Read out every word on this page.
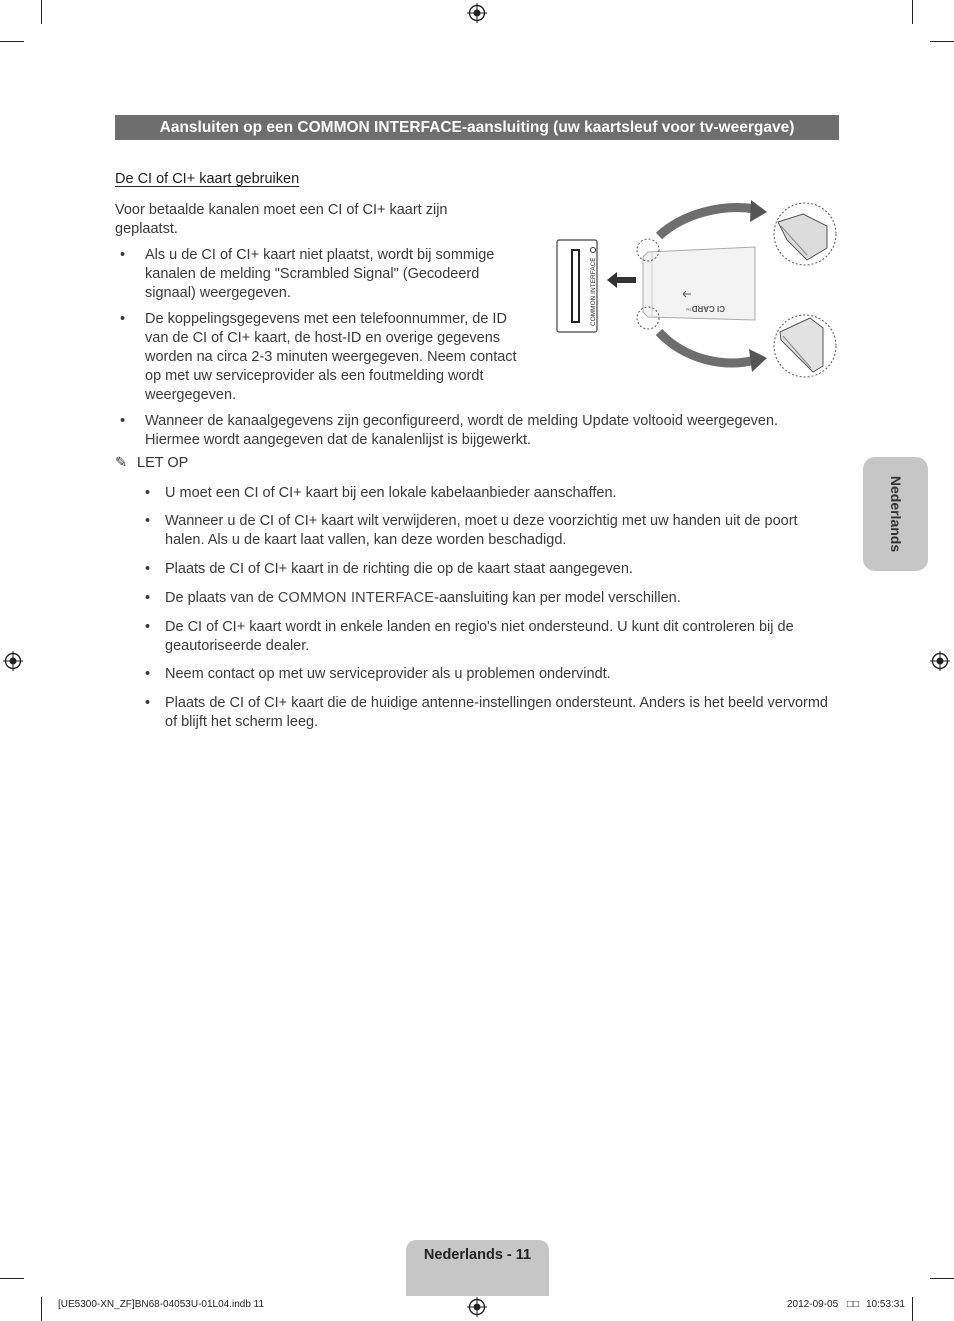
Aansluiten op een COMMON INTERFACE-aansluiting (uw kaartsleuf voor tv-weergave)
De CI of CI+ kaart gebruiken
Voor betaalde kanalen moet een CI of CI+ kaart zijn geplaatst.
• Als u de CI of CI+ kaart niet plaatst, wordt bij sommige kanalen de melding "Scrambled Signal" (Gecodeerd signaal) weergegeven.
• De koppelingsgegevens met een telefoonnummer, de ID van de CI of CI+ kaart, de host-ID en overige gegevens worden na circa 2-3 minuten weergegeven. Neem contact op met uw serviceprovider als een foutmelding wordt weergegeven.
• Wanneer de kanaalgegevens zijn geconfigureerd, wordt de melding Update voltooid weergegeven. Hiermee wordt aangegeven dat de kanalenlijst is bijgewerkt.
✎ LET OP
• U moet een CI of CI+ kaart bij een lokale kabelaanbieder aanschaffen.
• Wanneer u de CI of CI+ kaart wilt verwijderen, moet u deze voorzichtig met uw handen uit de poort halen. Als u de kaart laat vallen, kan deze worden beschadigd.
• Plaats de CI of CI+ kaart in de richting die op de kaart staat aangegeven.
• De plaats van de COMMON INTERFACE-aansluiting kan per model verschillen.
• De CI of CI+ kaart wordt in enkele landen en regio's niet ondersteund. U kunt dit controleren bij de geautoriseerde dealer.
• Neem contact op met uw serviceprovider als u problemen ondervindt.
• Plaats de CI of CI+ kaart die de huidige antenne-instellingen ondersteunt. Anders is het beeld vervormd of blijft het scherm leeg.
COMMON INTERFACE	CI CARD
TM
Nederlands
Nederlands - 11
[UE5300-XN_ZF]BN68-04053U-01L04.indb 11	2012-09-05 □□ 10:53:31
